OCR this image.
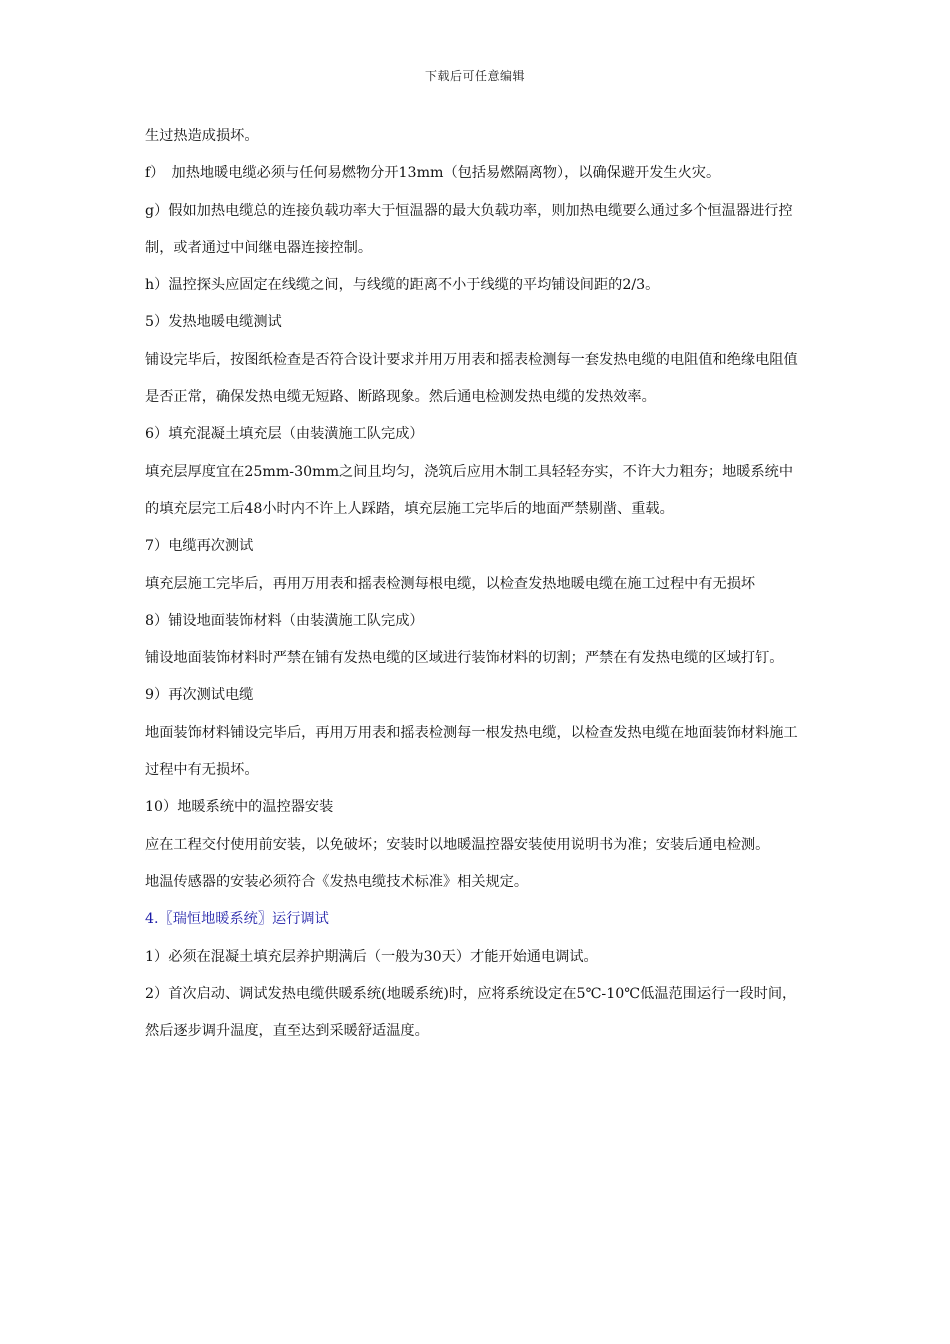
下载后可任意编辑

生过热造成损坏。

f）　加热地暖电缆必须与任何易燃物分开13mm（包括易燃隔离物），以确保避开发生火灾。

g）假如加热电缆总的连接负载功率大于恒温器的最大负载功率，则加热电缆要么通过多个恒温器进行控制，或者通过中间继电器连接控制。

h）温控探头应固定在线缆之间，与线缆的距离不小于线缆的平均铺设间距的2/3。

5）发热地暖电缆测试

铺设完毕后，按图纸检查是否符合设计要求并用万用表和摇表检测每一套发热电缆的电阻值和绝缘电阻值是否正常，确保发热电缆无短路、断路现象。然后通电检测发热电缆的发热效率。

6）填充混凝土填充层（由装潢施工队完成）

填充层厚度宜在25mm-30mm之间且均匀，浇筑后应用木制工具轻轻夯实，不许大力粗夯；地暖系统中的填充层完工后48小时内不许上人踩踏，填充层施工完毕后的地面严禁剔凿、重载。

7）电缆再次测试

填充层施工完毕后，再用万用表和摇表检测每根电缆，以检查发热地暖电缆在施工过程中有无损坏

8）铺设地面装饰材料（由装潢施工队完成）

铺设地面装饰材料时严禁在铺有发热电缆的区域进行装饰材料的切割；严禁在有发热电缆的区域打钉。

9）再次测试电缆

地面装饰材料铺设完毕后，再用万用表和摇表检测每一根发热电缆，以检查发热电缆在地面装饰材料施工过程中有无损坏。

10）地暖系统中的温控器安装

应在工程交付使用前安装，以免破坏；安装时以地暖温控器安装使用说明书为准；安装后通电检测。

地温传感器的安装必须符合《发热电缆技术标准》相关规定。

4.〖瑞恒地暖系统〗运行调试

1）必须在混凝土填充层养护期满后（一般为30天）才能开始通电调试。

2）首次启动、调试发热电缆供暖系统(地暖系统)时，应将系统设定在5℃-10℃低温范围运行一段时间，然后逐步调升温度，直至达到采暖舒适温度。
